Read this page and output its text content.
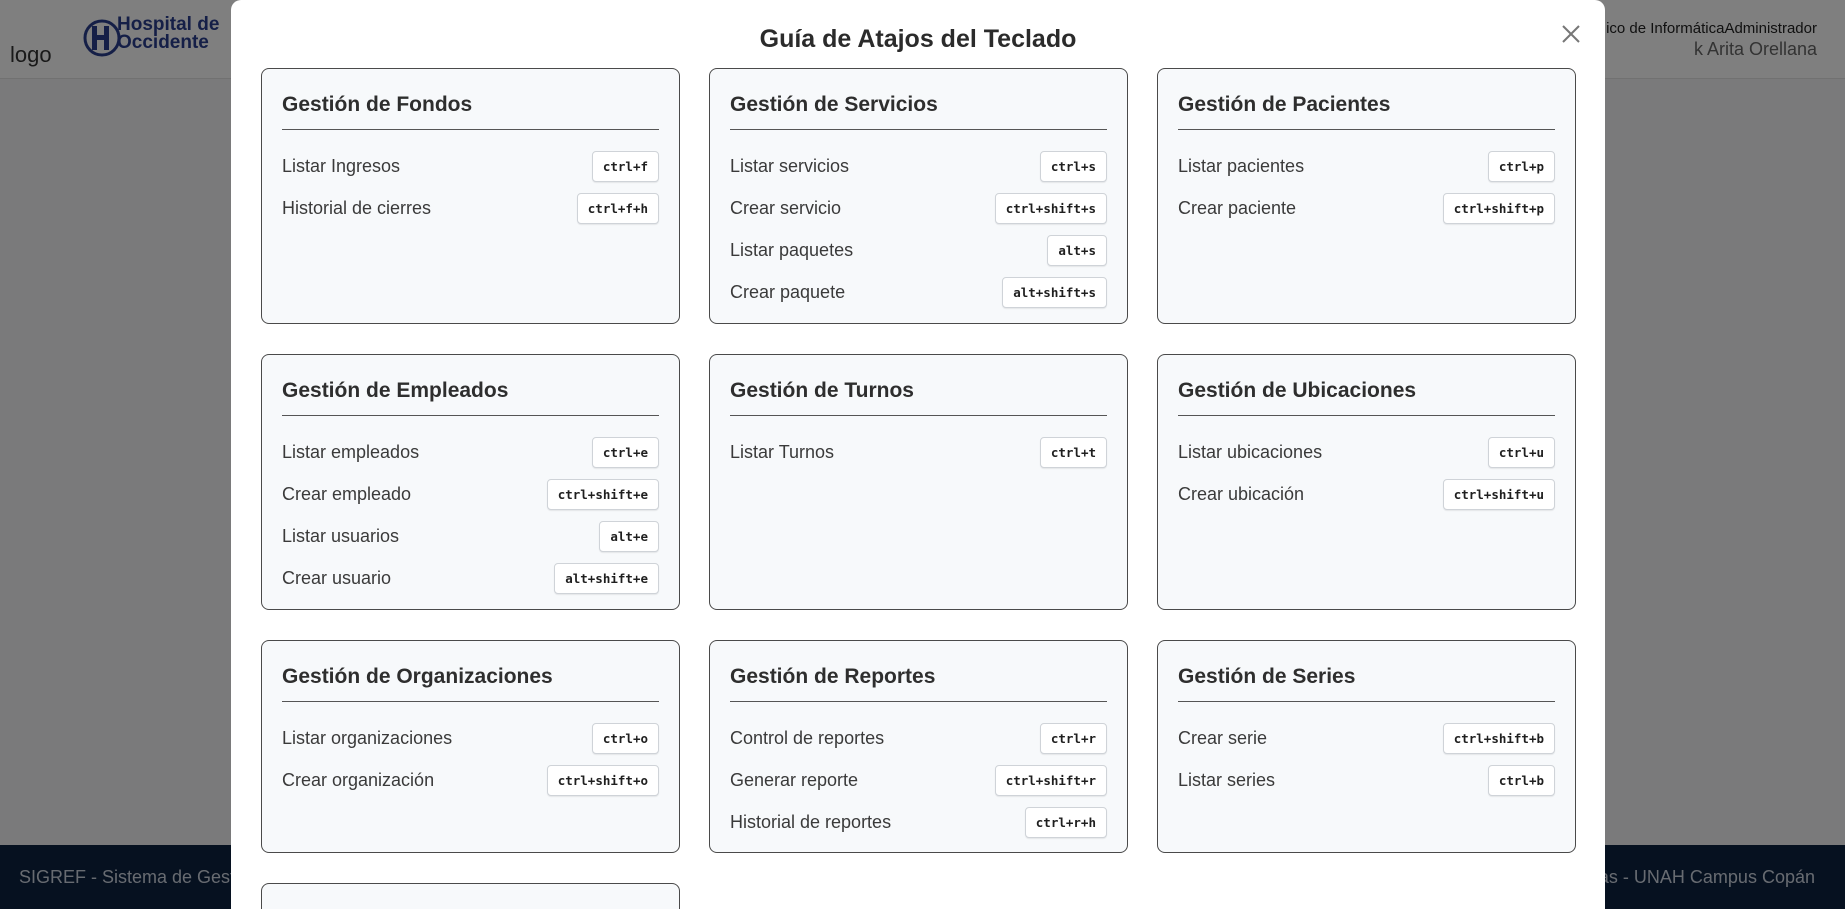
Guía de Atajos del Teclado
Gestión de Fondos
Listar Ingresos	ctrl+f
Historial de cierres	ctrl+f+h
Gestión de Servicios
Listar servicios	ctrl+s
Crear servicio	ctrl+shift+s
Listar paquetes	alt+s
Crear paquete	alt+shift+s
Gestión de Pacientes
Listar pacientes	ctrl+p
Crear paciente	ctrl+shift+p
Gestión de Empleados
Listar empleados	ctrl+e
Crear empleado	ctrl+shift+e
Listar usuarios	alt+e
Crear usuario	alt+shift+e
Gestión de Turnos
Listar Turnos	ctrl+t
Gestión de Ubicaciones
Listar ubicaciones	ctrl+u
Crear ubicación	ctrl+shift+u
Gestión de Organizaciones
Listar organizaciones	ctrl+o
Crear organización	ctrl+shift+o
Gestión de Reportes
Control de reportes	ctrl+r
Generar reporte	ctrl+shift+r
Historial de reportes	ctrl+r+h
Gestión de Series
Crear serie	ctrl+shift+b
Listar series	ctrl+b
